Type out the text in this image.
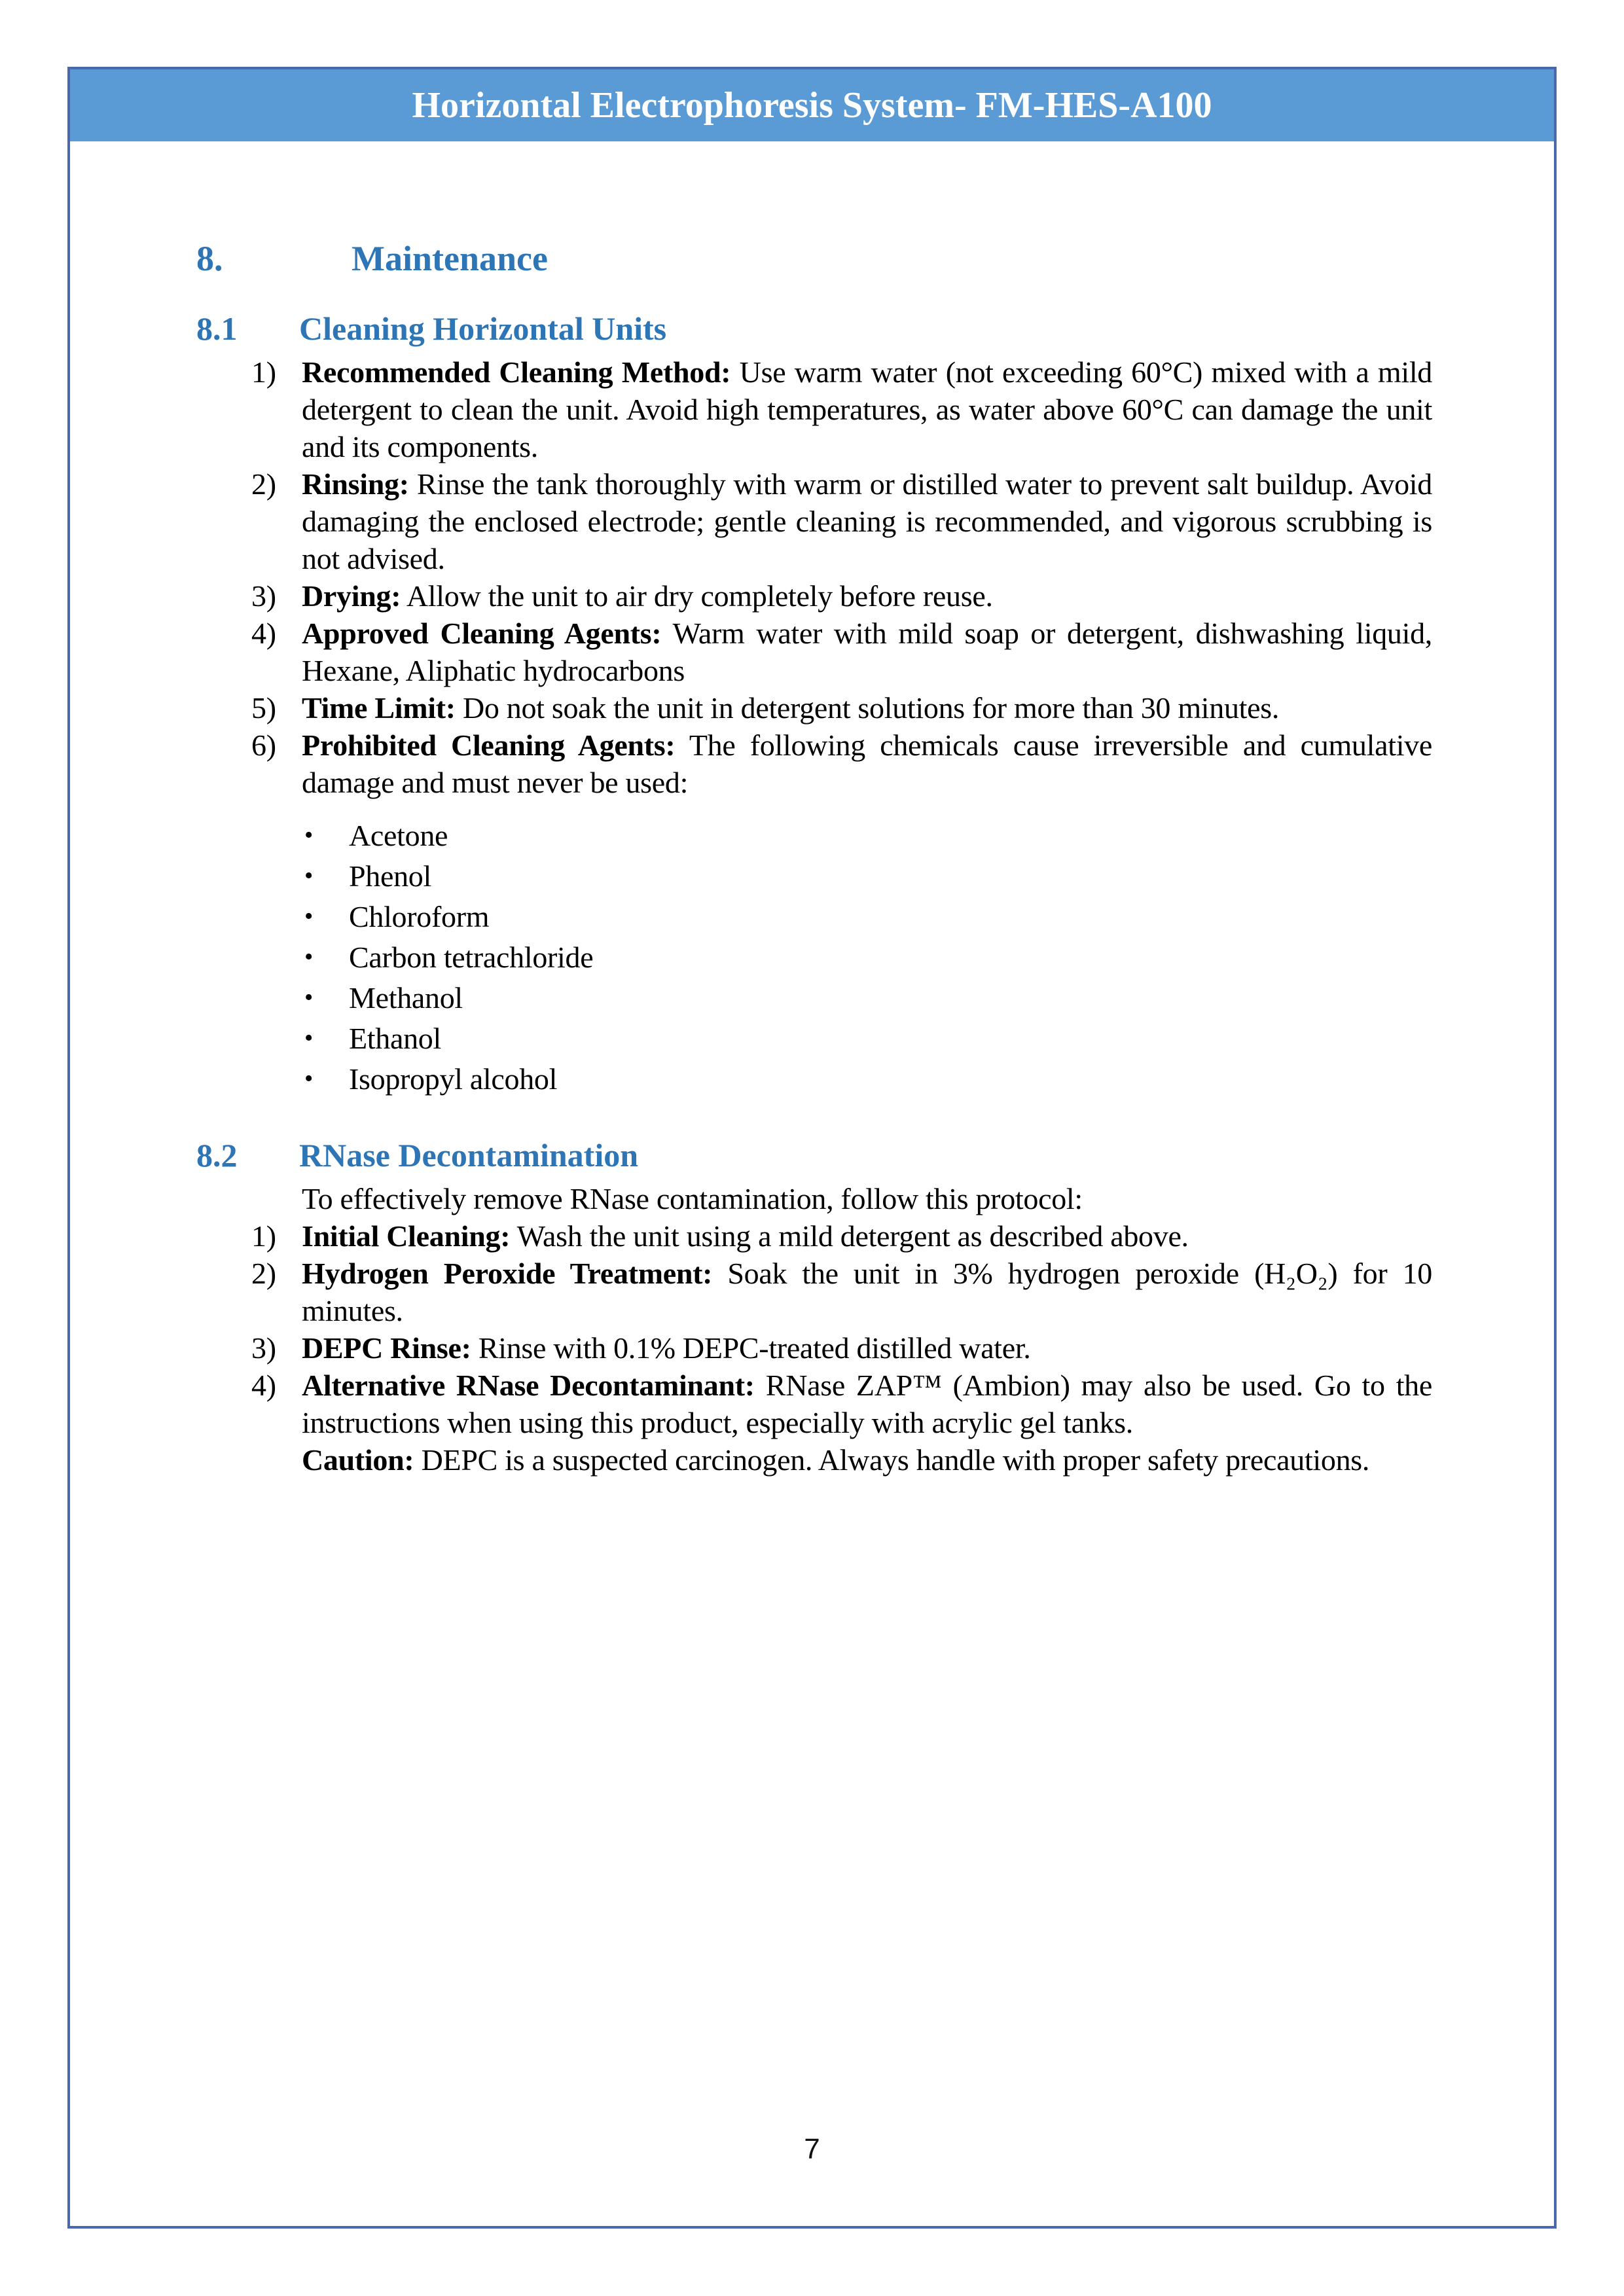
Horizontal Electrophoresis System- FM-HES-A100
8.	Maintenance
8.1 Cleaning Horizontal Units
1) Recommended Cleaning Method: Use warm water (not exceeding 60°C) mixed with a mild detergent to clean the unit. Avoid high temperatures, as water above 60°C can damage the unit and its components.
2) Rinsing: Rinse the tank thoroughly with warm or distilled water to prevent salt buildup. Avoid damaging the enclosed electrode; gentle cleaning is recommended, and vigorous scrubbing is not advised.
3) Drying: Allow the unit to air dry completely before reuse.
4) Approved Cleaning Agents: Warm water with mild soap or detergent, dishwashing liquid, Hexane, Aliphatic hydrocarbons
5) Time Limit: Do not soak the unit in detergent solutions for more than 30 minutes.
6) Prohibited Cleaning Agents: The following chemicals cause irreversible and cumulative damage and must never be used:
•	Acetone
•	Phenol
•	Chloroform
•	Carbon tetrachloride
•	Methanol
•	Ethanol
•	Isopropyl alcohol
8.2 RNase Decontamination

To effectively remove RNase contamination, follow this protocol:

1) Initial Cleaning: Wash the unit using a mild detergent as described above.
2) Hydrogen Peroxide Treatment: Soak the unit in 3% hydrogen peroxide (H₂O₂) for 10 minutes.
3) DEPC Rinse: Rinse with 0.1% DEPC-treated distilled water.
4) Alternative RNase Decontaminant: RNase ZAP™ (Ambion) may also be used. Go to the instructions when using this product, especially with acrylic gel tanks.

Caution: DEPC is a suspected carcinogen. Always handle with proper safety precautions.

7
